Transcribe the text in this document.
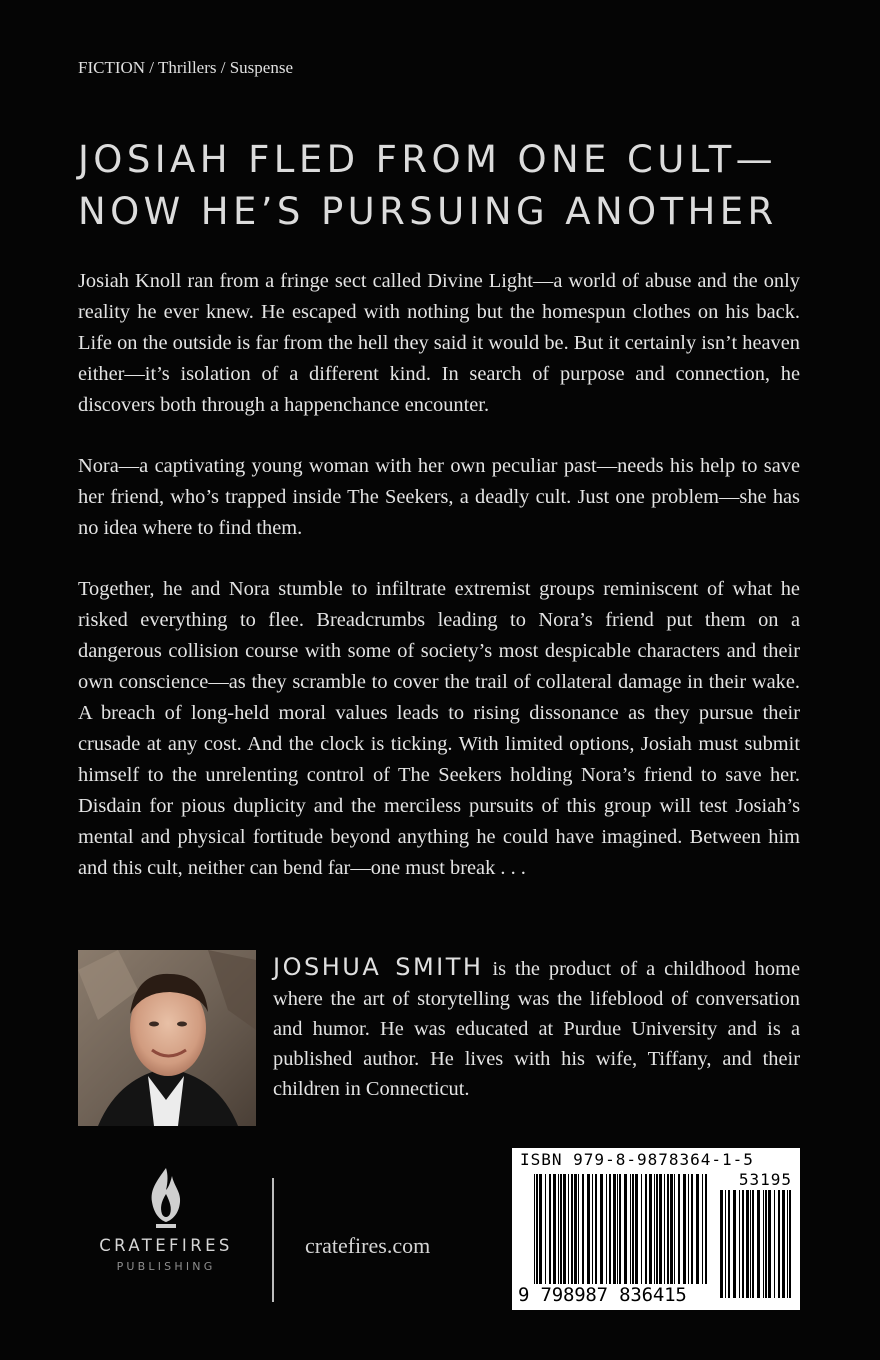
FICTION / Thrillers / Suspense
JOSIAH FLED FROM ONE CULT—
NOW HE’S PURSUING ANOTHER

Josiah Knoll ran from a fringe sect called Divine Light—a world of abuse and the only reality he ever knew. He escaped with nothing but the homespun clothes on his back. Life on the outside is far from the hell they said it would be. But it certainly isn’t heaven either—it’s isolation of a different kind. In search of purpose and connection, he discovers both through a happenchance encounter.

Nora—a captivating young woman with her own peculiar past—needs his help to save her friend, who’s trapped inside The Seekers, a deadly cult. Just one problem—she has no idea where to find them.

Together, he and Nora stumble to infiltrate extremist groups reminiscent of what he risked everything to flee. Breadcrumbs leading to Nora’s friend put them on a dangerous collision course with some of society’s most despicable characters and their own conscience—as they scramble to cover the trail of collateral damage in their wake. A breach of long-held moral values leads to rising dissonance as they pursue their crusade at any cost. And the clock is ticking. With limited options, Josiah must submit himself to the unrelenting control of The Seekers holding Nora’s friend to save her. Disdain for pious duplicity and the merciless pursuits of this group will test Josiah’s mental and physical fortitude beyond anything he could have imagined. Between him and this cult, neither can bend far—one must break . . .

JOSHUA SMITH is the product of a childhood home where the art of storytelling was the lifeblood of conversation and humor. He was educated at Purdue University and is a published author. He lives with his wife, Tiffany, and their children in Connecticut.

CRATEFIRES
PUBLISHING
cratefires.com
ISBN 979-8-9878364-1-5
53195
9 798987 836415
